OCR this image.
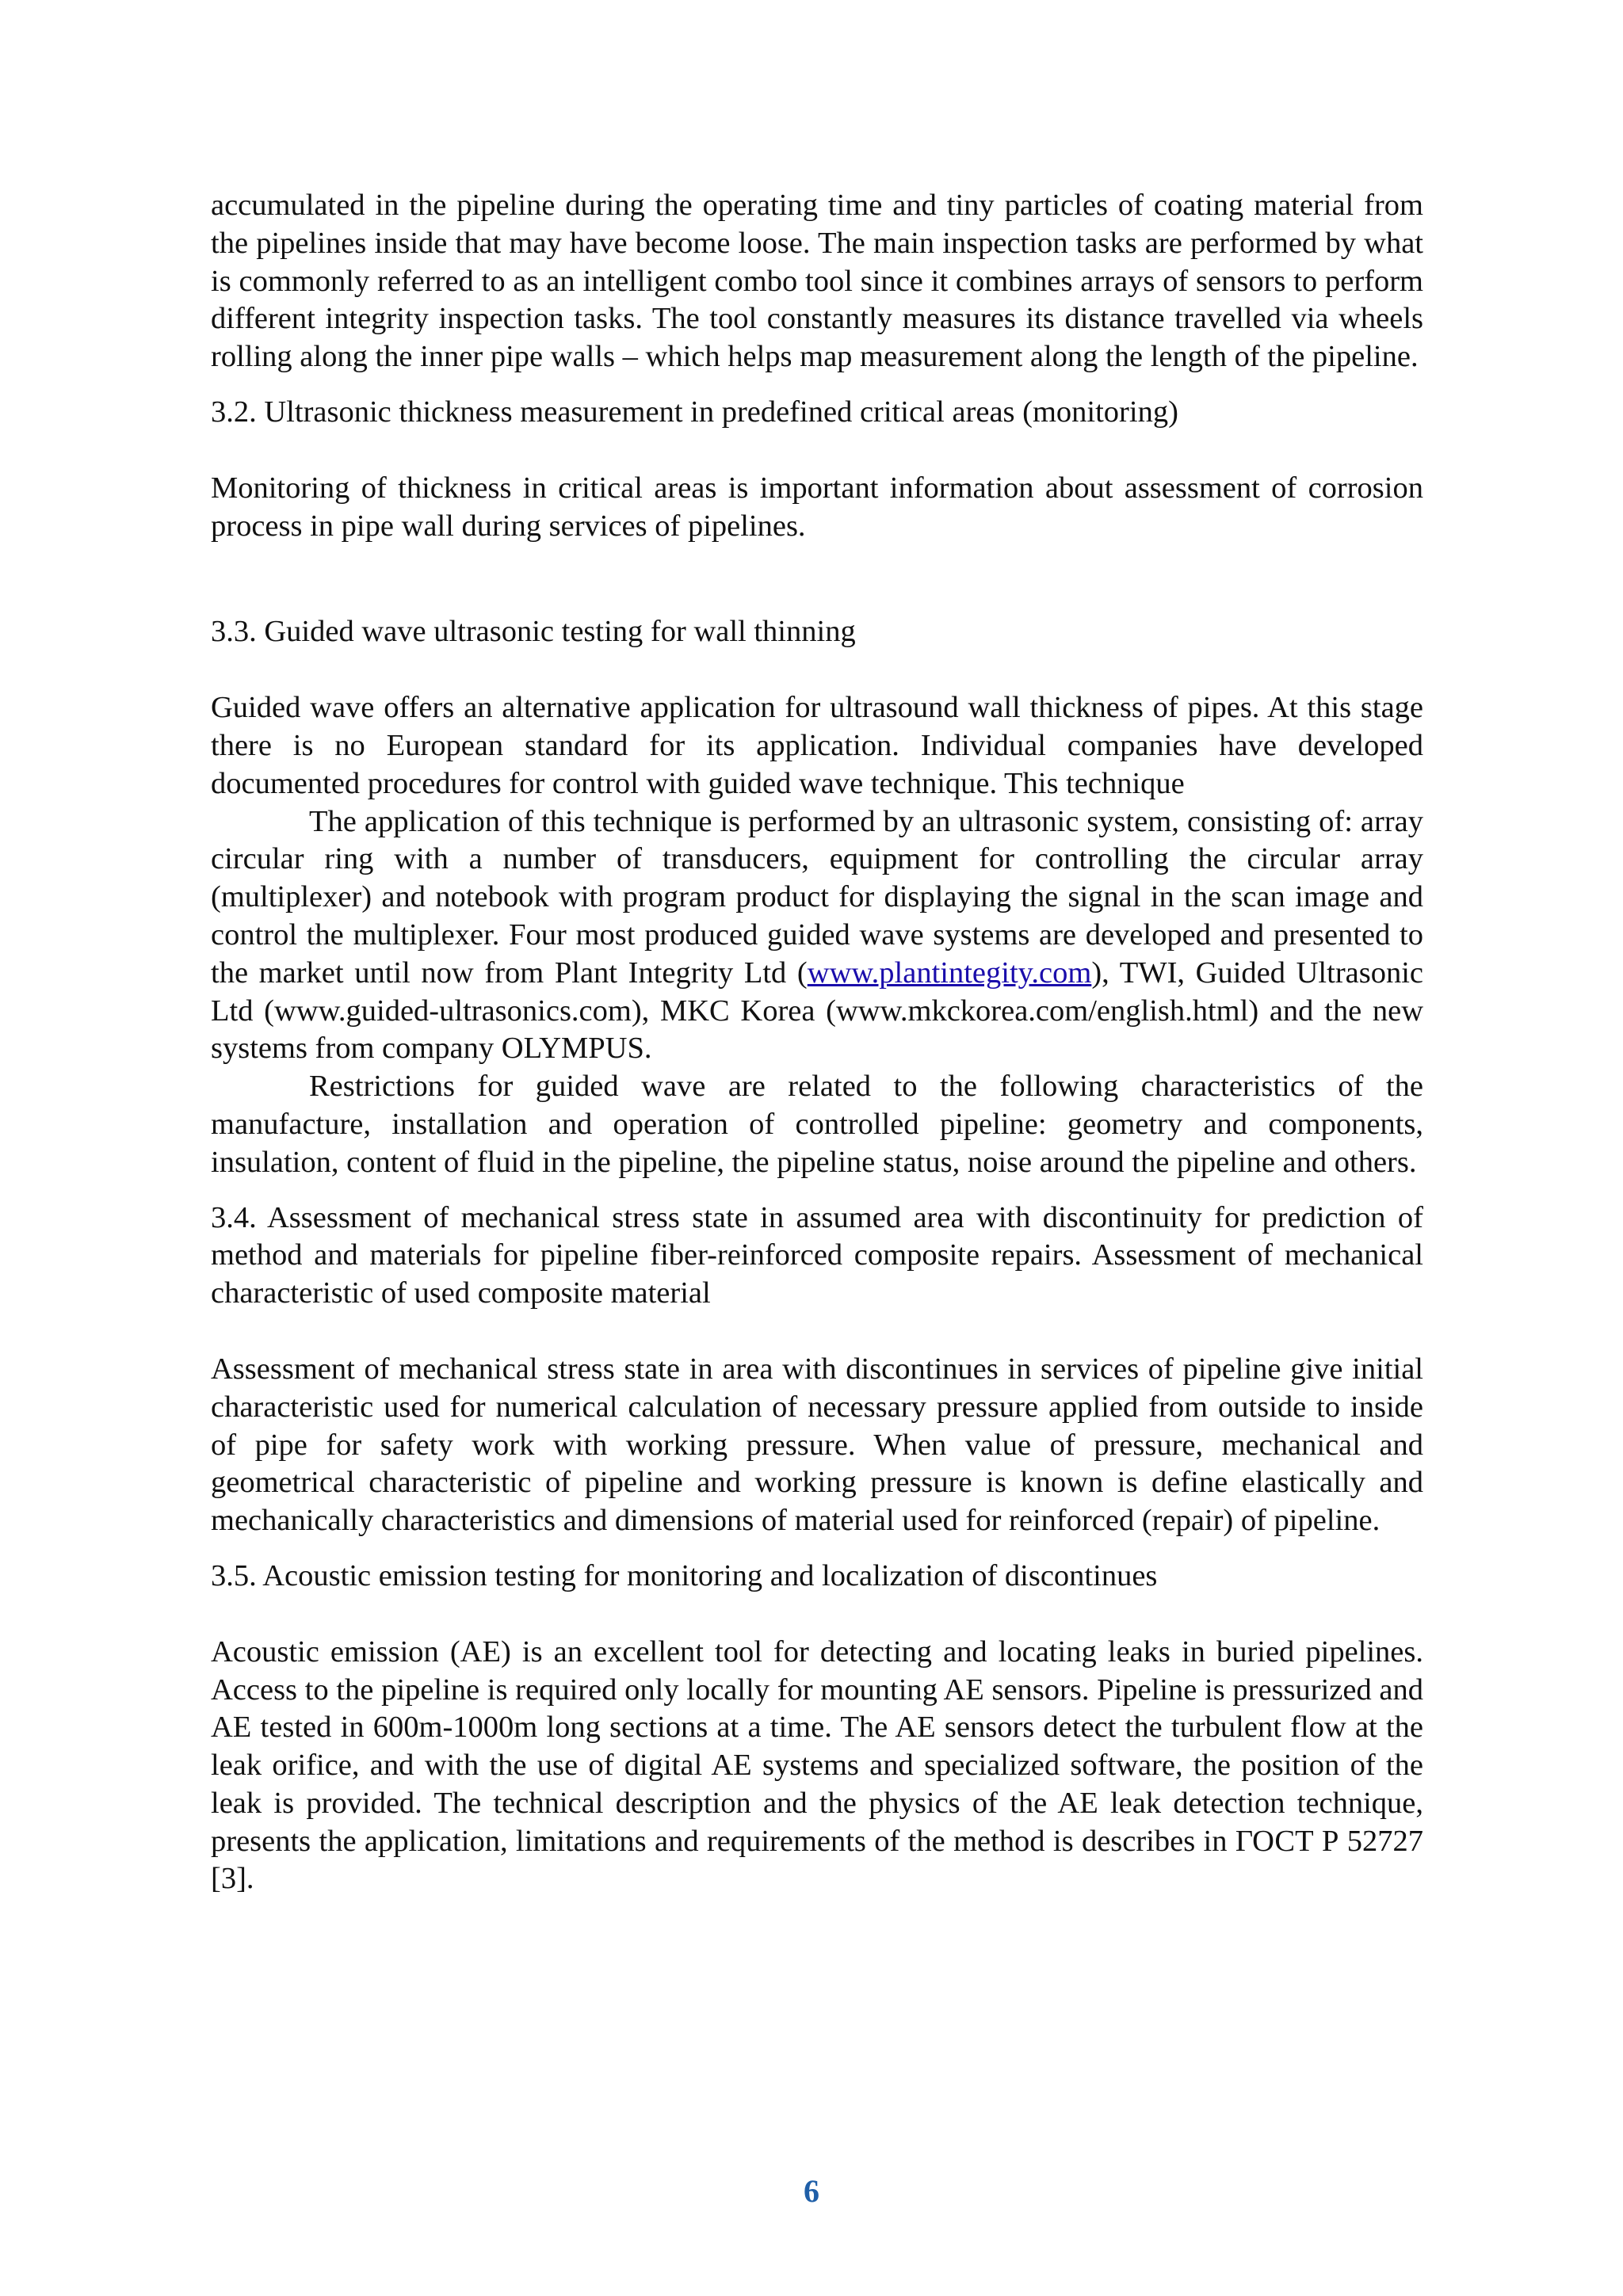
accumulated in the pipeline during the operating time and tiny particles of coating material from the pipelines inside that may have become loose. The main inspection tasks are performed by what is commonly referred to as an intelligent combo tool since it combines arrays of sensors to perform different integrity inspection tasks. The tool constantly measures its distance travelled via wheels rolling along the inner pipe walls – which helps map measurement along the length of the pipeline.

3.2. Ultrasonic thickness measurement in predefined critical areas (monitoring)

Monitoring of thickness in critical areas is important information about assessment of corrosion process in pipe wall during services of pipelines.

3.3. Guided wave ultrasonic testing for wall thinning

Guided wave offers an alternative application for ultrasound wall thickness of pipes. At this stage there is no European standard for its application. Individual companies have developed documented procedures for control with guided wave technique. This technique

The application of this technique is performed by an ultrasonic system, consisting of: array circular ring with a number of transducers, equipment for controlling the circular array (multiplexer) and notebook with program product for displaying the signal in the scan image and control the multiplexer. Four most produced guided wave systems are developed and presented to the market until now from Plant Integrity Ltd (www.plantintegity.com), TWI, Guided Ultrasonic Ltd (www.guided-ultrasonics.com), MKC Korea (www.mkckorea.com/english.html) and the new systems from company OLYMPUS.

Restrictions for guided wave are related to the following characteristics of the manufacture, installation and operation of controlled pipeline: geometry and components, insulation, content of fluid in the pipeline, the pipeline status, noise around the pipeline and others.

3.4. Assessment of mechanical stress state in assumed area with discontinuity for prediction of method and materials for pipeline fiber-reinforced composite repairs. Assessment of mechanical characteristic of used composite material

Assessment of mechanical stress state in area with discontinues in services of pipeline give initial characteristic used for numerical calculation of necessary pressure applied from outside to inside of pipe for safety work with working pressure. When value of pressure, mechanical and geometrical characteristic of pipeline and working pressure is known is define elastically and mechanically characteristics and dimensions of material used for reinforced (repair) of pipeline.

3.5. Acoustic emission testing for monitoring and localization of discontinues

Acoustic emission (AE) is an excellent tool for detecting and locating leaks in buried pipelines. Access to the pipeline is required only locally for mounting AE sensors. Pipeline is pressurized and AE tested in 600m-1000m long sections at a time. The AE sensors detect the turbulent flow at the leak orifice, and with the use of digital AE systems and specialized software, the position of the leak is provided. The technical description and the physics of the AE leak detection technique, presents the application, limitations and requirements of the method is describes in ГОСТ Р 52727 [3].

6
